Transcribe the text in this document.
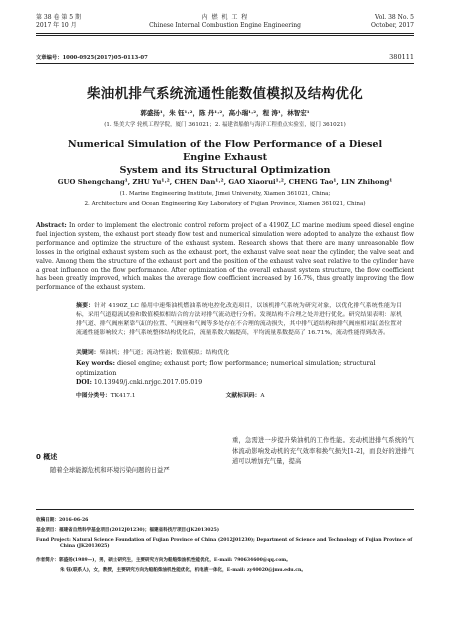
第 38 卷 第 5 期
2017 年 10 月
内 燃 机 工 程
Chinese Internal Combustion Engine Engineering
Vol. 38 No. 5
October, 2017
文章编号：1000-0925(2017)05-0113-07	380111
柴油机排气系统流通性能数值模拟及结构优化
郭盛扬¹，朱 钰¹·²，陈 丹¹·²，高小瑞¹·²，程 涛¹，林智宏¹
(1. 集美大学 轮机工程学院，厦门 361021；2. 福建省船舶与海洋工程重点实验室，厦门 361021)
Numerical Simulation of the Flow Performance of a Diesel Engine Exhaust
System and its Structural Optimization
GUO Shengchang¹, ZHU Yu¹·², CHEN Dan¹·², GAO Xiaorui¹·², CHENG Tao¹, LIN Zhihong¹
(1. Marine Engineering Institute, Jimei University, Xiamen 361021, China;
2. Architecture and Ocean Engineering Key Laboratory of Fujian Province, Xiamen 361021, China)
Abstract: In order to implement the electronic control reform project of a 4190Z_LC marine medium speed diesel engine fuel injection system, the exhaust port steady flow test and numerical simulation were adopted to analyze the exhaust flow performance and optimize the structure of the exhaust system. Research shows that there are many unreasonable flow losses in the original exhaust system such as the exhaust port, the exhaust valve seat near the cylinder, the valve seat and valve. Among them the structure of the exhaust port and the position of the exhaust valve seat relative to the cylinder have a great influence on the flow performance. After optimization of the overall exhaust system structure, the flow coefficient has been greatly improved, which makes the average flow coefficient increased by 16.7%, thus greatly improving the flow performance of the exhaust system.
摘要：针对 4190Z_LC 船用中速柴油机燃油系统电控化改造项目，以该机排气系统为研究对象，以优化排气系统性能为目标，采用气道稳流试验和数值模拟相结合的方法对排气流动进行分析。发现结构不合理之处并进行优化。研究结果表明：原机排气道、排气阀座紧靠气缸的位置、气阀座和气阀等多处存在不合理的流动损失，其中排气道结构和排气阀座相对缸盖位置对流通性能影响较大；排气系统整体结构优化后，流量系数大幅提高，平均流量系数提高了 16.71%，流动性能得到改善。
关键词：柴油机；排气道；流动性能；数值模拟；结构优化
Key words: diesel engine; exhaust port; flow performance; numerical simulation; structural optimization
DOI: 10.13949/j.cnki.nrjgc.2017.05.019
中图分类号：TK417.1	文献标识码：A
0 概述
随着全球能源危机和环境污染问题的日益严
重，急需进一步提升柴油机的工作性能。充动机进排气系统的气体流动影响发动机的充气效率和换气损失[1-2]，而良好的进排气道可以增加充气量，提高
收稿日期：2016-06-26
基金项目：福建省自然科学基金项目(2012J01230)；福建省科技厅项目(JK2013025)
Fund Project: Natural Science Foundation of Fujian Province of China (2012J01230); Department of Science and Technology of Fujian Province of China (JK2013025)
作者简介：郭盛扬(1989—)，男，硕士研究生，主要研究方向为船舶柴油机性能优化，E-mail: 790634600@qq.com。
朱 钰(联系人)，女，教授，主要研究方向为船舶柴油机性能优化，机电液一体化，E-mail: zy40020@jmu.edu.cn。
